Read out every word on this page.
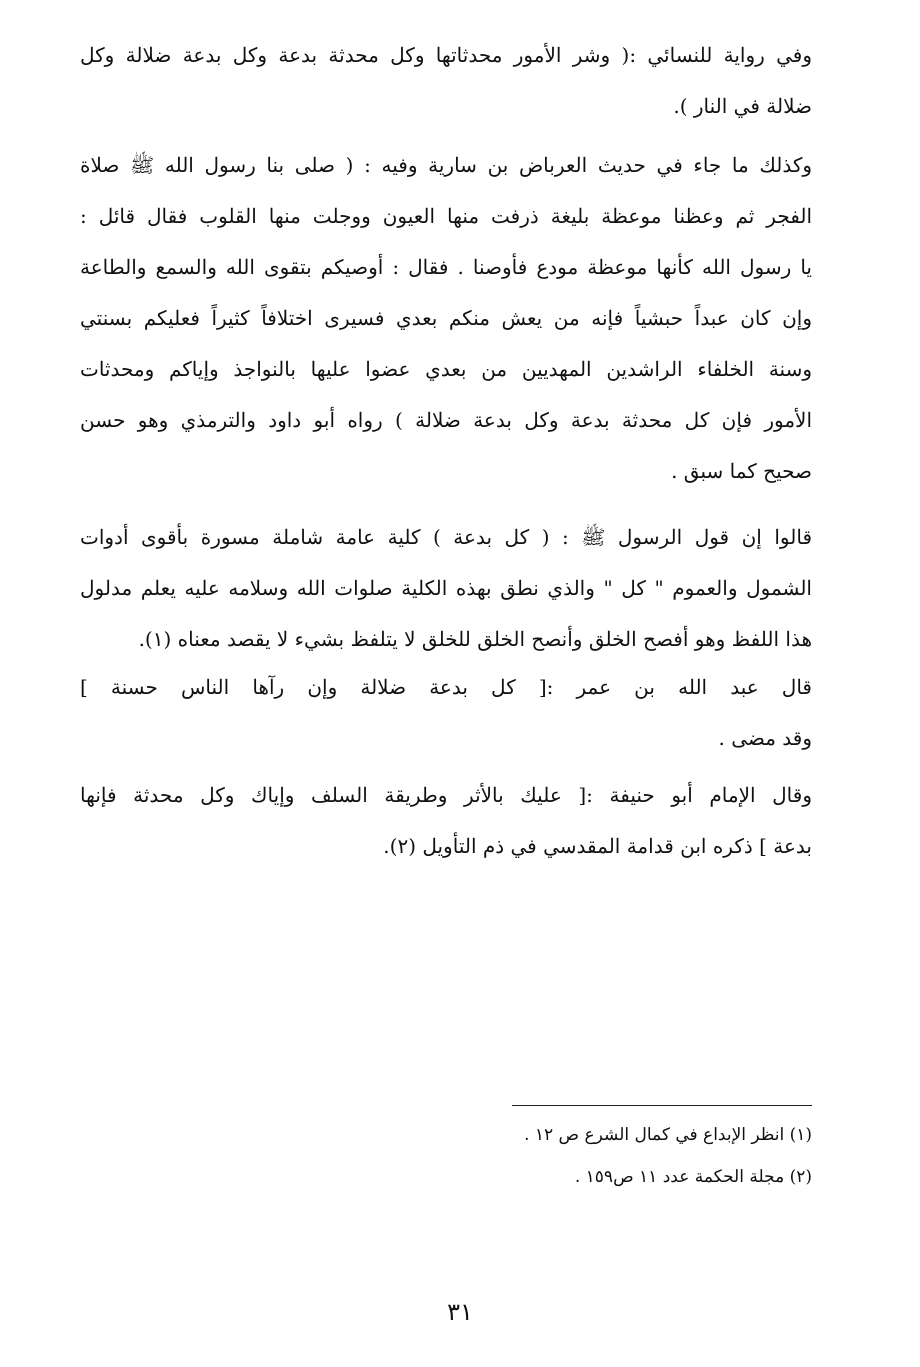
وفي رواية للنسائي :( وشر الأمور محدثاتها وكل محدثة بدعة وكل بدعة ضلالة وكل
ضلالة في النار ).
وكذلك ما جاء في حديث العرباض بن سارية وفيه : ( صلى بنا رسول الله ﷺ صلاة
الفجر ثم وعظنا موعظة بليغة ذرفت منها العيون ووجلت منها القلوب فقال قائل :
يا رسول الله كأنها موعظة مودع فأوصنا . فقال : أوصيكم بتقوى الله والسمع والطاعة
وإن كان عبداً حبشياً فإنه من يعش منكم بعدي فسيرى اختلافاً كثيراً فعليكم بسنتي
وسنة الخلفاء الراشدين المهديين من بعدي عضوا عليها بالنواجذ وإياكم ومحدثات
الأمور فإن كل محدثة بدعة وكل بدعة ضلالة ) رواه أبو داود والترمذي وهو حسن
صحيح كما سبق .
قالوا إن قول الرسول ﷺ : ( كل بدعة ) كلية عامة شاملة مسورة بأقوى أدوات
الشمول والعموم " كل " والذي نطق بهذه الكلية صلوات الله وسلامه عليه يعلم مدلول
هذا اللفظ وهو أفصح الخلق وأنصح الخلق للخلق لا يتلفظ بشيء لا يقصد معناه (١).
قال عبد الله بن عمر :[ كل بدعة ضلالة وإن رآها الناس حسنة ]
وقد مضى .
وقال الإمام أبو حنيفة :[ عليك بالأثر وطريقة السلف وإياك وكل محدثة فإنها
بدعة ] ذكره ابن قدامة المقدسي في ذم التأويل (٢).
(١) انظر الإبداع في كمال الشرع ص ١٢ .
(٢) مجلة الحكمة عدد ١١ ص١٥٩ .
٣١
